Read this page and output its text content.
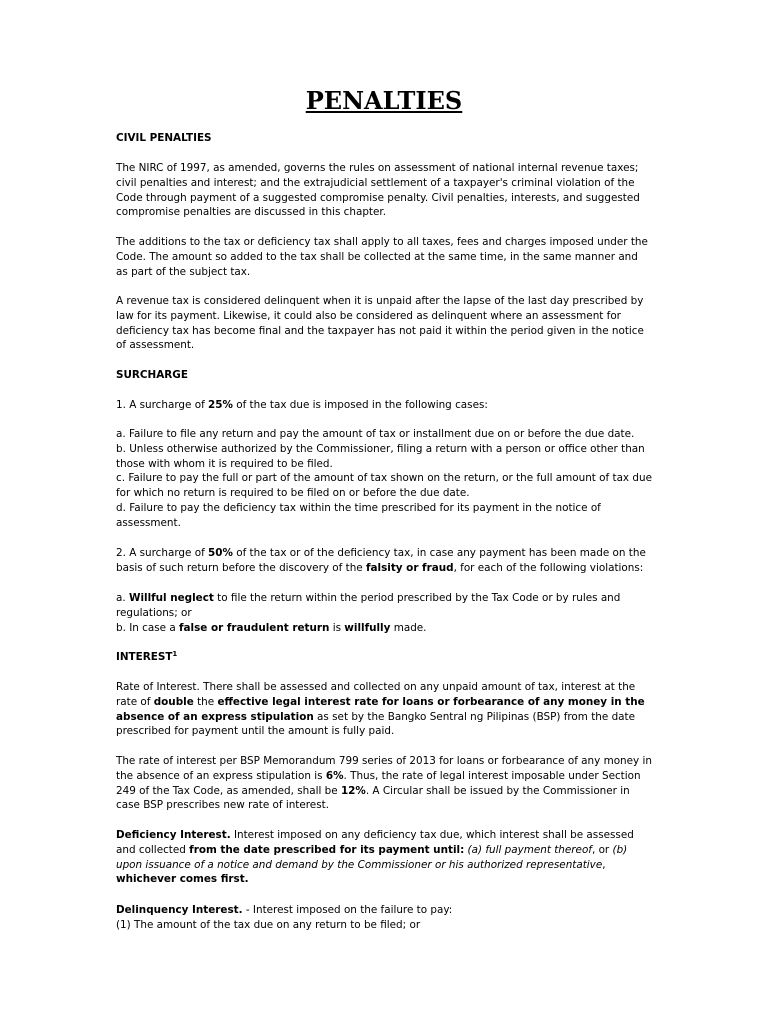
PENALTIES

CIVIL PENALTIES

The NIRC of 1997, as amended, governs the rules on assessment of national internal revenue taxes; civil penalties and interest; and the extrajudicial settlement of a taxpayer's criminal violation of the Code through payment of a suggested compromise penalty. Civil penalties, interests, and suggested compromise penalties are discussed in this chapter.

The additions to the tax or deficiency tax shall apply to all taxes, fees and charges imposed under the Code. The amount so added to the tax shall be collected at the same time, in the same manner and as part of the subject tax.

A revenue tax is considered delinquent when it is unpaid after the lapse of the last day prescribed by law for its payment. Likewise, it could also be considered as delinquent where an assessment for deficiency tax has become final and the taxpayer has not paid it within the period given in the notice of assessment.

SURCHARGE

1. A surcharge of 25% of the tax due is imposed in the following cases:

a. Failure to file any return and pay the amount of tax or installment due on or before the due date.
b. Unless otherwise authorized by the Commissioner, filing a return with a person or office other than those with whom it is required to be filed.
c. Failure to pay the full or part of the amount of tax shown on the return, or the full amount of tax due for which no return is required to be filed on or before the due date.
d. Failure to pay the deficiency tax within the time prescribed for its payment in the notice of assessment.

2. A surcharge of 50% of the tax or of the deficiency tax, in case any payment has been made on the basis of such return before the discovery of the falsity or fraud, for each of the following violations:

a. Willful neglect to file the return within the period prescribed by the Tax Code or by rules and regulations; or
b. In case a false or fraudulent return is willfully made.

INTEREST$^1$

Rate of Interest. There shall be assessed and collected on any unpaid amount of tax, interest at the rate of double the effective legal interest rate for loans or forbearance of any money in the absence of an express stipulation as set by the Bangko Sentral ng Pilipinas (BSP) from the date prescribed for payment until the amount is fully paid.

The rate of interest per BSP Memorandum 799 series of 2013 for loans or forbearance of any money in the absence of an express stipulation is 6%. Thus, the rate of legal interest imposable under Section 249 of the Tax Code, as amended, shall be 12%. A Circular shall be issued by the Commissioner in case BSP prescribes new rate of interest.

Deficiency Interest. Interest imposed on any deficiency tax due, which interest shall be assessed and collected from the date prescribed for its payment until: (a) full payment thereof, or (b) upon issuance of a notice and demand by the Commissioner or his authorized representative, whichever comes first.

Delinquency Interest. - Interest imposed on the failure to pay:
(1) The amount of the tax due on any return to be filed; or
